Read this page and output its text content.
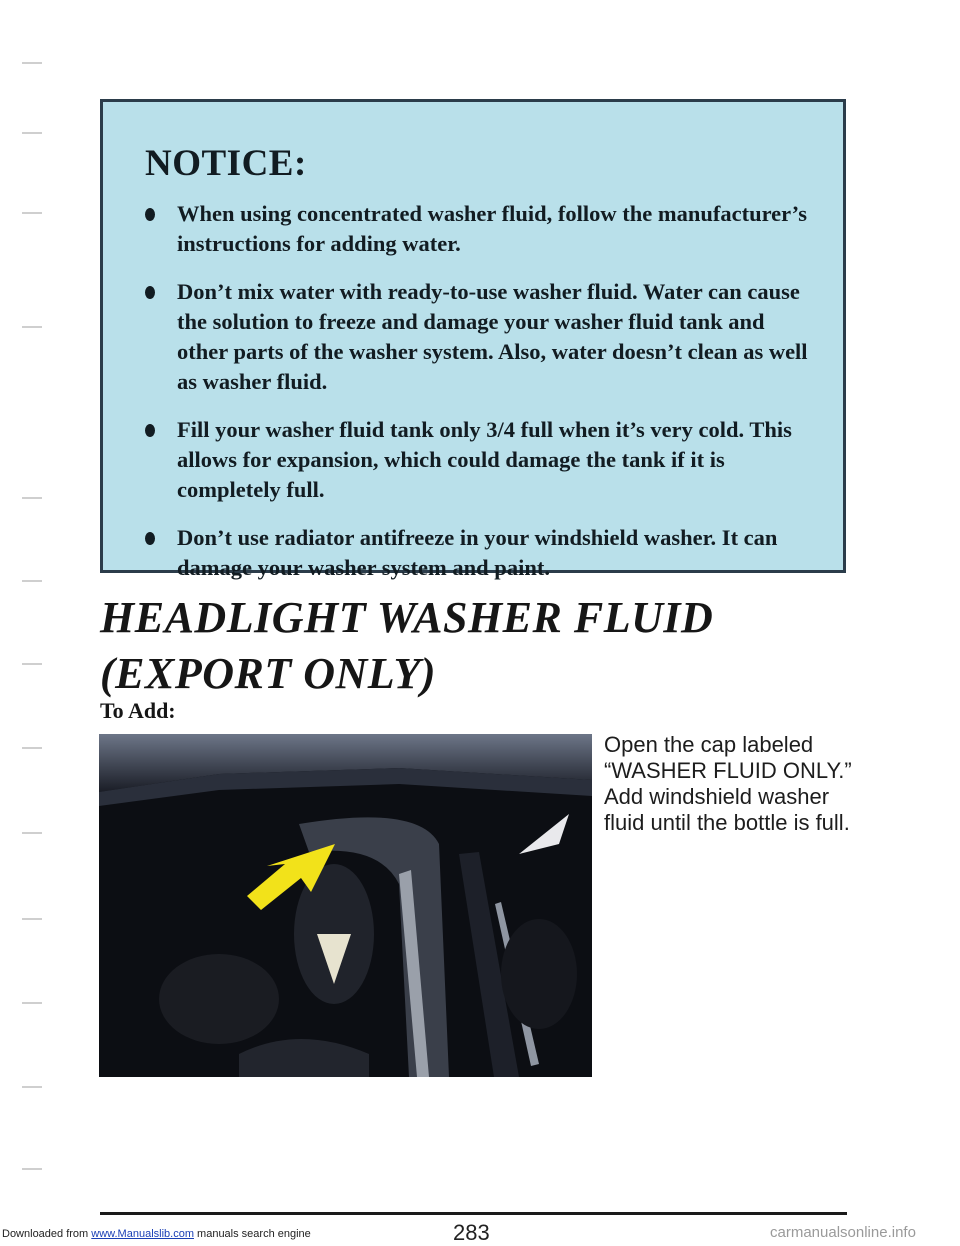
NOTICE:
When using concentrated washer fluid, follow the manufacturer’s instructions for adding water.
Don’t mix water with ready-to-use washer fluid. Water can cause the solution to freeze and damage your washer fluid tank and other parts of the washer system. Also, water doesn’t clean as well as washer fluid.
Fill your washer fluid tank only 3/4 full when it’s very cold. This allows for expansion, which could damage the tank if it is completely full.
Don’t use radiator antifreeze in your windshield washer. It can damage your washer system and paint.
HEADLIGHT WASHER FLUID (EXPORT ONLY)
To Add:
Open the cap labeled “WASHER FLUID ONLY.” Add windshield washer fluid until the bottle is full.
283
Downloaded from www.Manualslib.com manuals search engine	carmanualsonline.info
